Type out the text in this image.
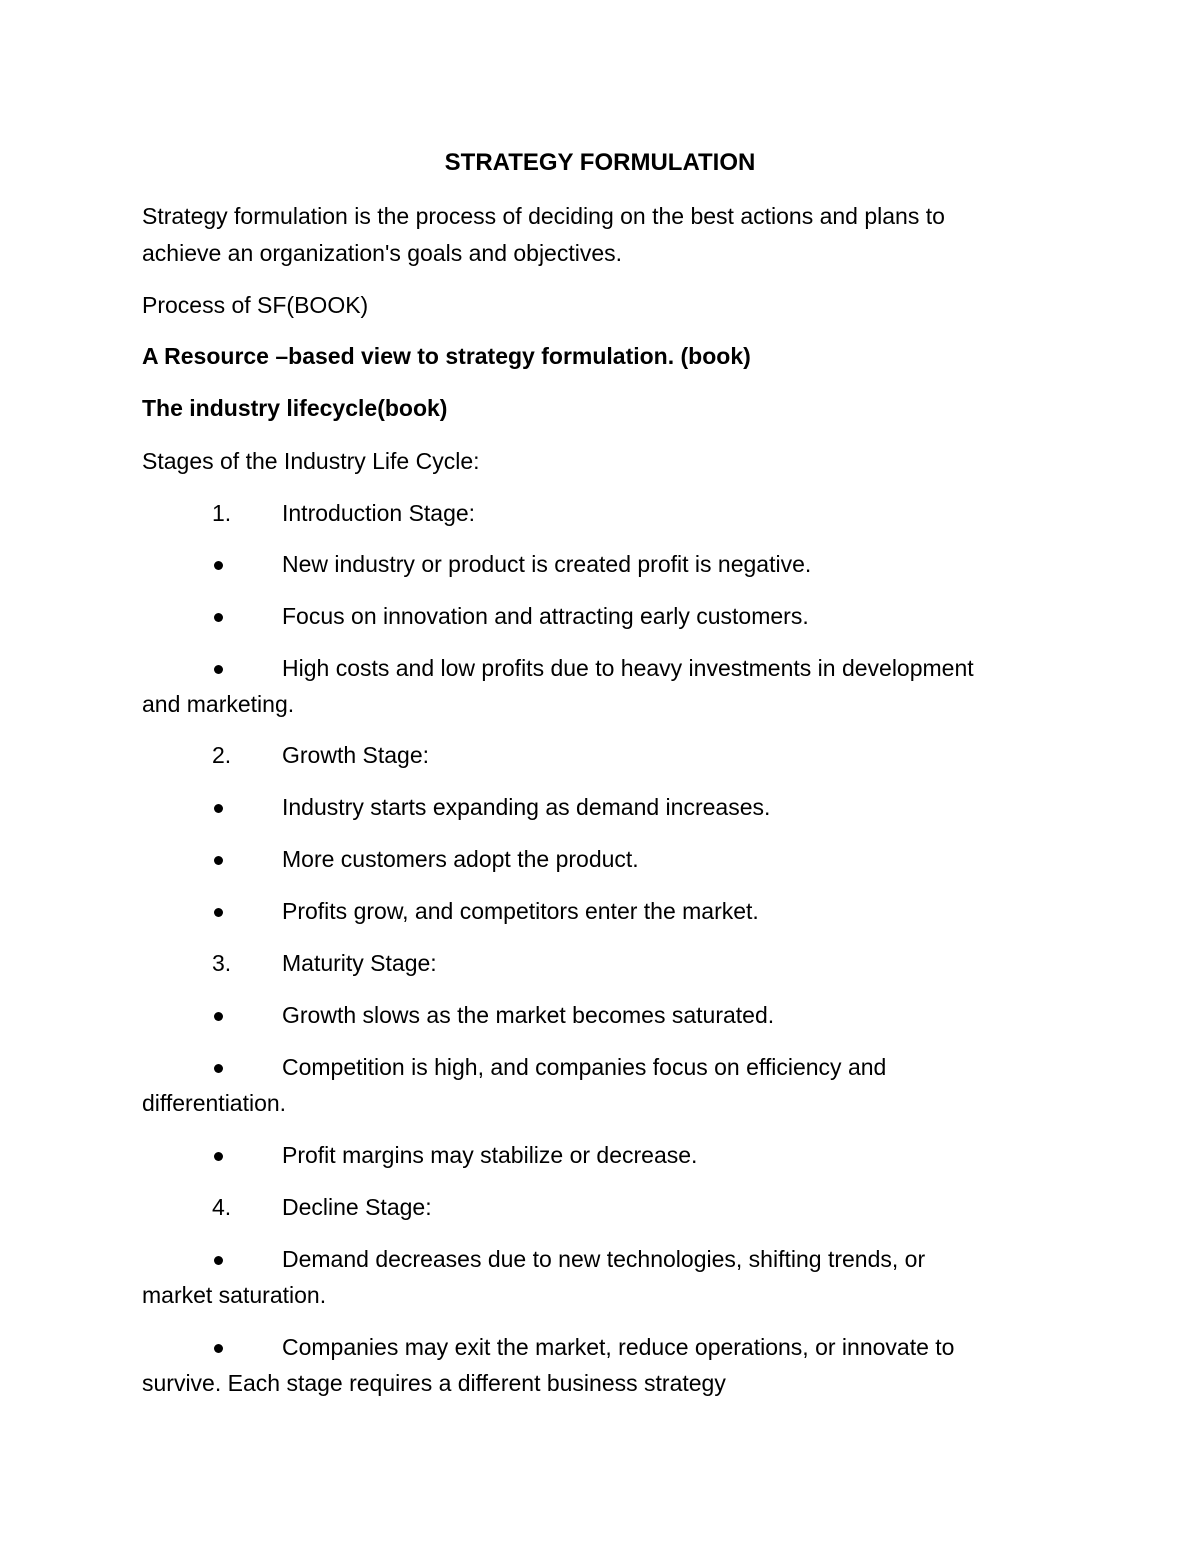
STRATEGY FORMULATION
Strategy formulation is the process of deciding on the best actions and plans to
achieve an organization's goals and objectives.
Process of SF(BOOK)
A Resource –based view to strategy formulation. (book)
The industry lifecycle(book)
Stages of the Industry Life Cycle:
1. Introduction Stage:
New industry or product is created profit is negative.
Focus on innovation and attracting early customers.
High costs and low profits due to heavy investments in development
and marketing.
2. Growth Stage:
Industry starts expanding as demand increases.
More customers adopt the product.
Profits grow, and competitors enter the market.
3. Maturity Stage:
Growth slows as the market becomes saturated.
Competition is high, and companies focus on efficiency and
differentiation.
Profit margins may stabilize or decrease.
4. Decline Stage:
Demand decreases due to new technologies, shifting trends, or
market saturation.
Companies may exit the market, reduce operations, or innovate to
survive. Each stage requires a different business strategy
